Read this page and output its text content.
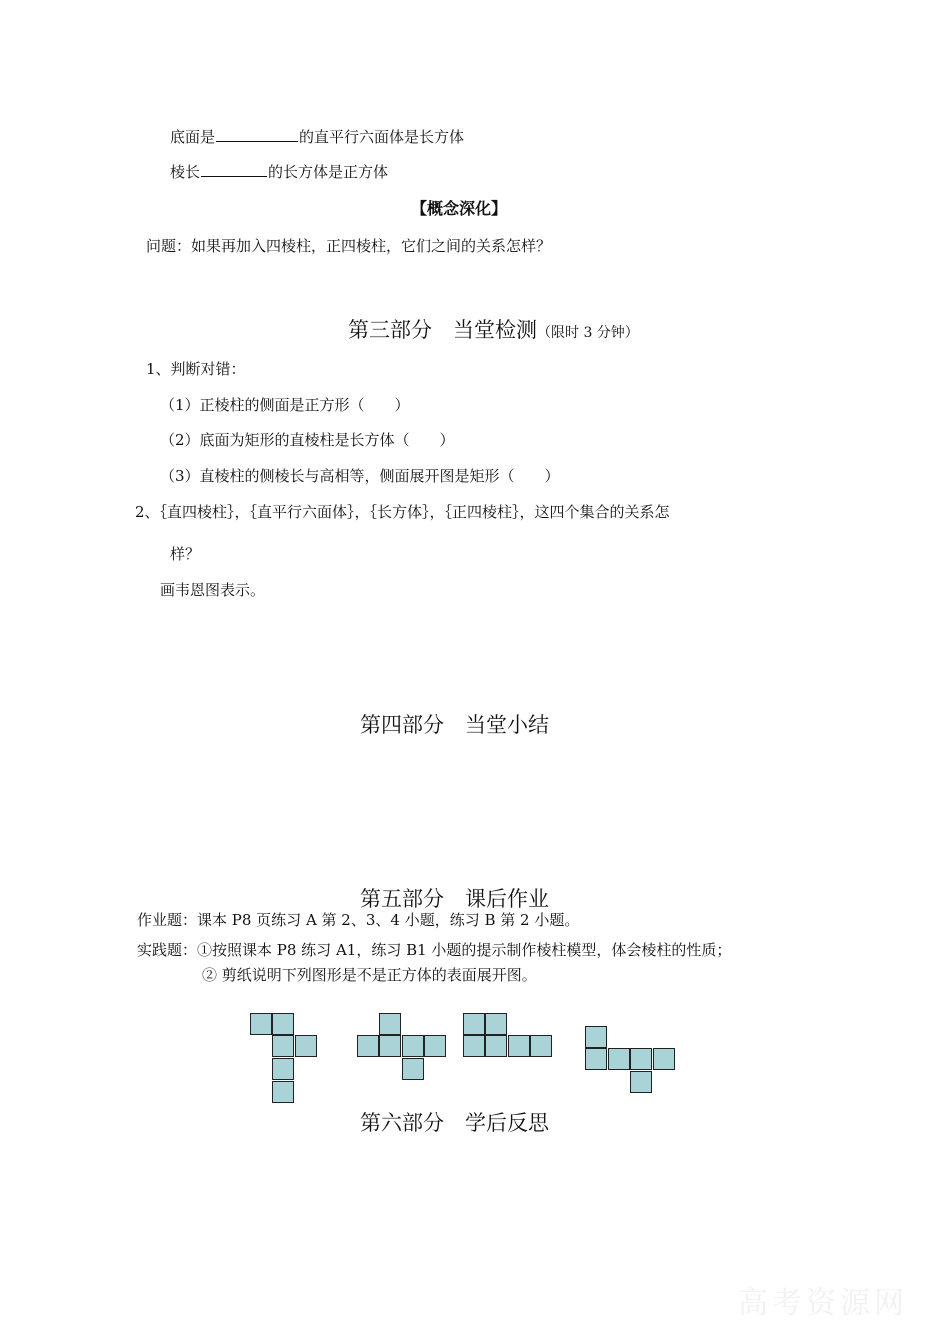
底面是	的直平行六面体是长方体
棱长	的长方体是正方体
【概念深化】
问题：如果再加入四棱柱，正四棱柱，它们之间的关系怎样？
第三部分　当堂检测（限时 3 分钟）
1、判断对错：
（1）正棱柱的侧面是正方形（　　）
（2）底面为矩形的直棱柱是长方体（　　）
（3）直棱柱的侧棱长与高相等，侧面展开图是矩形（　　）
2、｛直四棱柱｝，｛直平行六面体｝，｛长方体｝，｛正四棱柱｝，这四个集合的关系怎
样？
画韦恩图表示。
第四部分　当堂小结
第五部分　课后作业
作业题：课本 P8 页练习 A 第 2、3、4 小题，练习 B 第 2 小题。
实践题：①按照课本 P8 练习 A1，练习 B1 小题的提示制作棱柱模型，体会棱柱的性质；
② 剪纸说明下列图形是不是正方体的表面展开图。
第六部分　学后反思
高考资源网
